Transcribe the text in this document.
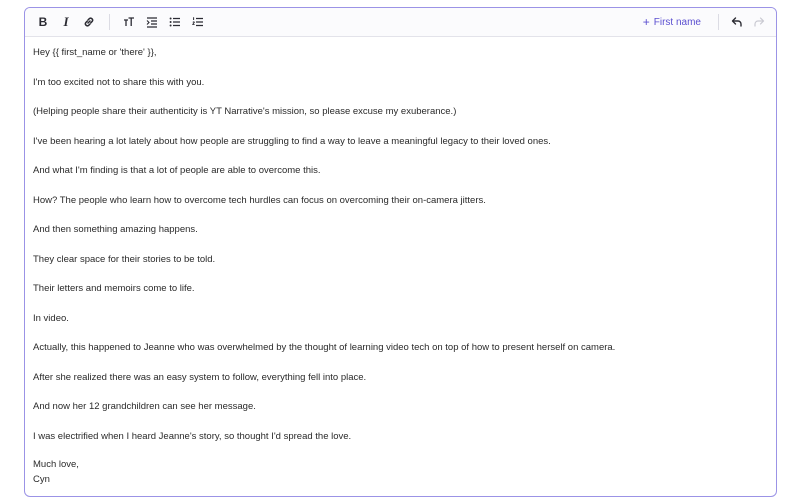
B I	+ First name

Hey {{ first_name or 'there' }},

I'm too excited not to share this with you.

(Helping people share their authenticity is YT Narrative's mission, so please excuse my exuberance.)

I've been hearing a lot lately about how people are struggling to find a way to leave a meaningful legacy to their loved ones.

And what I'm finding is that a lot of people are able to overcome this.

How? The people who learn how to overcome tech hurdles can focus on overcoming their on-camera jitters.

And then something amazing happens.

They clear space for their stories to be told.

Their letters and memoirs come to life.

In video.

Actually, this happened to Jeanne who was overwhelmed by the thought of learning video tech on top of how to present herself on camera.

After she realized there was an easy system to follow, everything fell into place.

And now her 12 grandchildren can see her message.

I was electrified when I heard Jeanne's story, so thought I'd spread the love.

Much love,
Cyn
